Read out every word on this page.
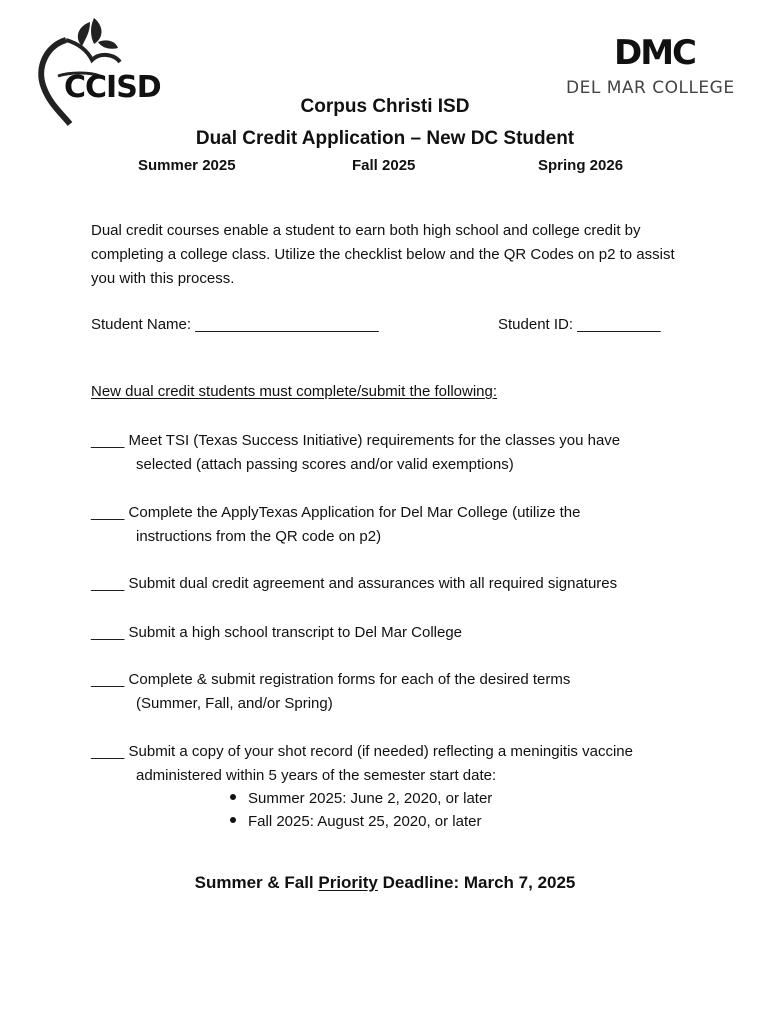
CCISD
DMC
DEL MAR COLLEGE
Corpus Christi ISD
Dual Credit Application – New DC Student
Summer 2025	Fall 2025	Spring 2026
Dual credit courses enable a student to earn both high school and college credit by completing a college class. Utilize the checklist below and the QR Codes on p2 to assist you with this process.
Student Name: ______________________	Student ID: __________
New dual credit students must complete/submit the following:
____ Meet TSI (Texas Success Initiative) requirements for the classes you have
selected (attach passing scores and/or valid exemptions)
____ Complete the ApplyTexas Application for Del Mar College (utilize the
instructions from the QR code on p2)
____ Submit dual credit agreement and assurances with all required signatures
____ Submit a high school transcript to Del Mar College
____ Complete & submit registration forms for each of the desired terms
(Summer, Fall, and/or Spring)
____ Submit a copy of your shot record (if needed) reflecting a meningitis vaccine
administered within 5 years of the semester start date:
Summer 2025: June 2, 2020, or later
Fall 2025: August 25, 2020, or later
Summer & Fall Priority Deadline: March 7, 2025
